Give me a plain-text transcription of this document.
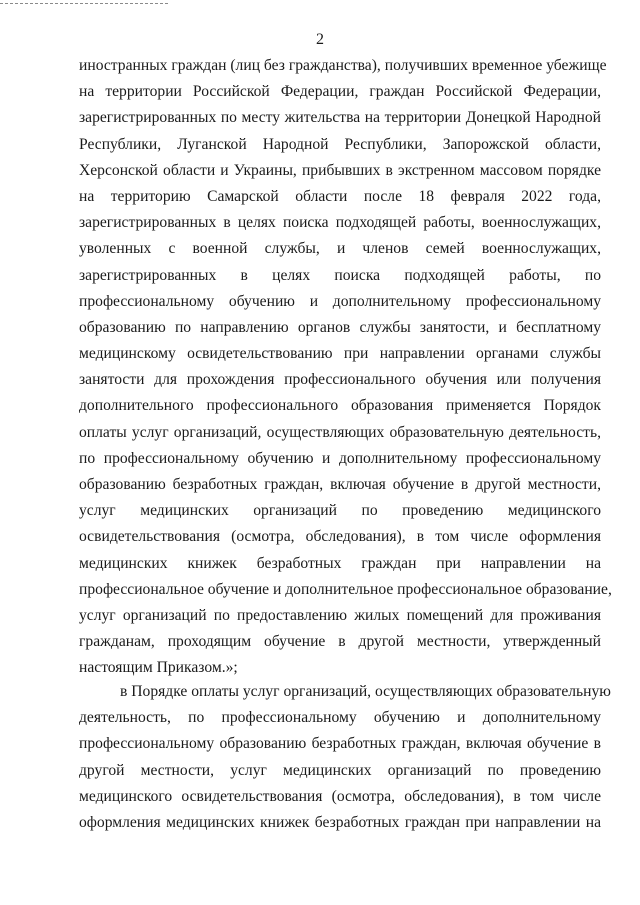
2
иностранных граждан (лиц без гражданства), получивших временное убежище
на территории Российской Федерации, граждан Российской Федерации,
зарегистрированных по месту жительства на территории Донецкой Народной
Республики, Луганской Народной Республики, Запорожской области,
Херсонской области и Украины, прибывших в экстренном массовом порядке
на территорию Самарской области после 18 февраля 2022 года,
зарегистрированных в целях поиска подходящей работы, военнослужащих,
уволенных с военной службы, и членов семей военнослужащих,
зарегистрированных в целях поиска подходящей работы, по
профессиональному обучению и дополнительному профессиональному
образованию по направлению органов службы занятости, и бесплатному
медицинскому освидетельствованию при направлении органами службы
занятости для прохождения профессионального обучения или получения
дополнительного профессионального образования применяется Порядок
оплаты услуг организаций, осуществляющих образовательную деятельность,
по профессиональному обучению и дополнительному профессиональному
образованию безработных граждан, включая обучение в другой местности,
услуг медицинских организаций по проведению медицинского
освидетельствования (осмотра, обследования), в том числе оформления
медицинских книжек безработных граждан при направлении на
профессиональное обучение и дополнительное профессиональное образование,
услуг организаций по предоставлению жилых помещений для проживания
гражданам, проходящим обучение в другой местности, утвержденный
настоящим Приказом.»;
в Порядке оплаты услуг организаций, осуществляющих образовательную
деятельность, по профессиональному обучению и дополнительному
профессиональному образованию безработных граждан, включая обучение в
другой местности, услуг медицинских организаций по проведению
медицинского освидетельствования (осмотра, обследования), в том числе
оформления медицинских книжек безработных граждан при направлении на
